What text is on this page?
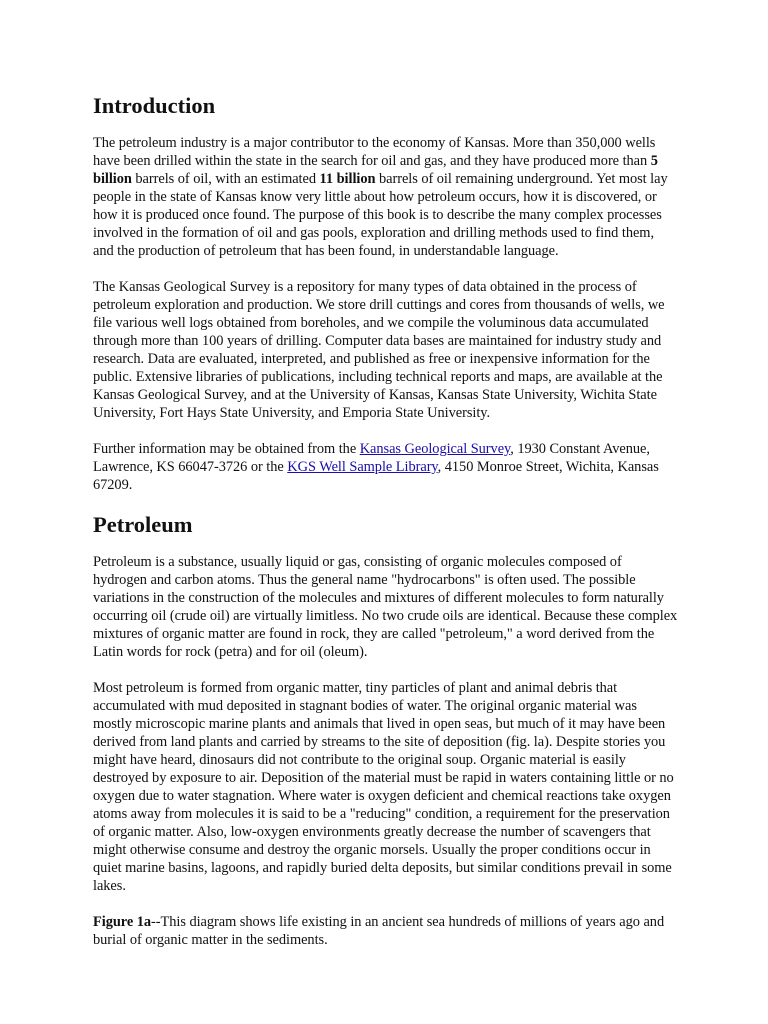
Introduction

The petroleum industry is a major contributor to the economy of Kansas. More than 350,000 wells have been drilled within the state in the search for oil and gas, and they have produced more than 5 billion barrels of oil, with an estimated 11 billion barrels of oil remaining underground. Yet most lay people in the state of Kansas know very little about how petroleum occurs, how it is discovered, or how it is produced once found. The purpose of this book is to describe the many complex processes involved in the formation of oil and gas pools, exploration and drilling methods used to find them, and the production of petroleum that has been found, in understandable language.

The Kansas Geological Survey is a repository for many types of data obtained in the process of petroleum exploration and production. We store drill cuttings and cores from thousands of wells, we file various well logs obtained from boreholes, and we compile the voluminous data accumulated through more than 100 years of drilling. Computer data bases are maintained for industry study and research. Data are evaluated, interpreted, and published as free or inexpensive information for the public. Extensive libraries of publications, including technical reports and maps, are available at the Kansas Geological Survey, and at the University of Kansas, Kansas State University, Wichita State University, Fort Hays State University, and Emporia State University.

Further information may be obtained from the Kansas Geological Survey, 1930 Constant Avenue, Lawrence, KS 66047-3726 or the KGS Well Sample Library, 4150 Monroe Street, Wichita, Kansas 67209.

Petroleum

Petroleum is a substance, usually liquid or gas, consisting of organic molecules composed of hydrogen and carbon atoms. Thus the general name "hydrocarbons" is often used. The possible variations in the construction of the molecules and mixtures of different molecules to form naturally occurring oil (crude oil) are virtually limitless. No two crude oils are identical. Because these complex mixtures of organic matter are found in rock, they are called "petroleum," a word derived from the Latin words for rock (petra) and for oil (oleum).

Most petroleum is formed from organic matter, tiny particles of plant and animal debris that accumulated with mud deposited in stagnant bodies of water. The original organic material was mostly microscopic marine plants and animals that lived in open seas, but much of it may have been derived from land plants and carried by streams to the site of deposition (fig. la). Despite stories you might have heard, dinosaurs did not contribute to the original soup. Organic material is easily destroyed by exposure to air. Deposition of the material must be rapid in waters containing little or no oxygen due to water stagnation. Where water is oxygen deficient and chemical reactions take oxygen atoms away from molecules it is said to be a "reducing" condition, a requirement for the preservation of organic matter. Also, low-oxygen environments greatly decrease the number of scavengers that might otherwise consume and destroy the organic morsels. Usually the proper conditions occur in quiet marine basins, lagoons, and rapidly buried delta deposits, but similar conditions prevail in some lakes.

Figure 1a--This diagram shows life existing in an ancient sea hundreds of millions of years ago and burial of organic matter in the sediments.
